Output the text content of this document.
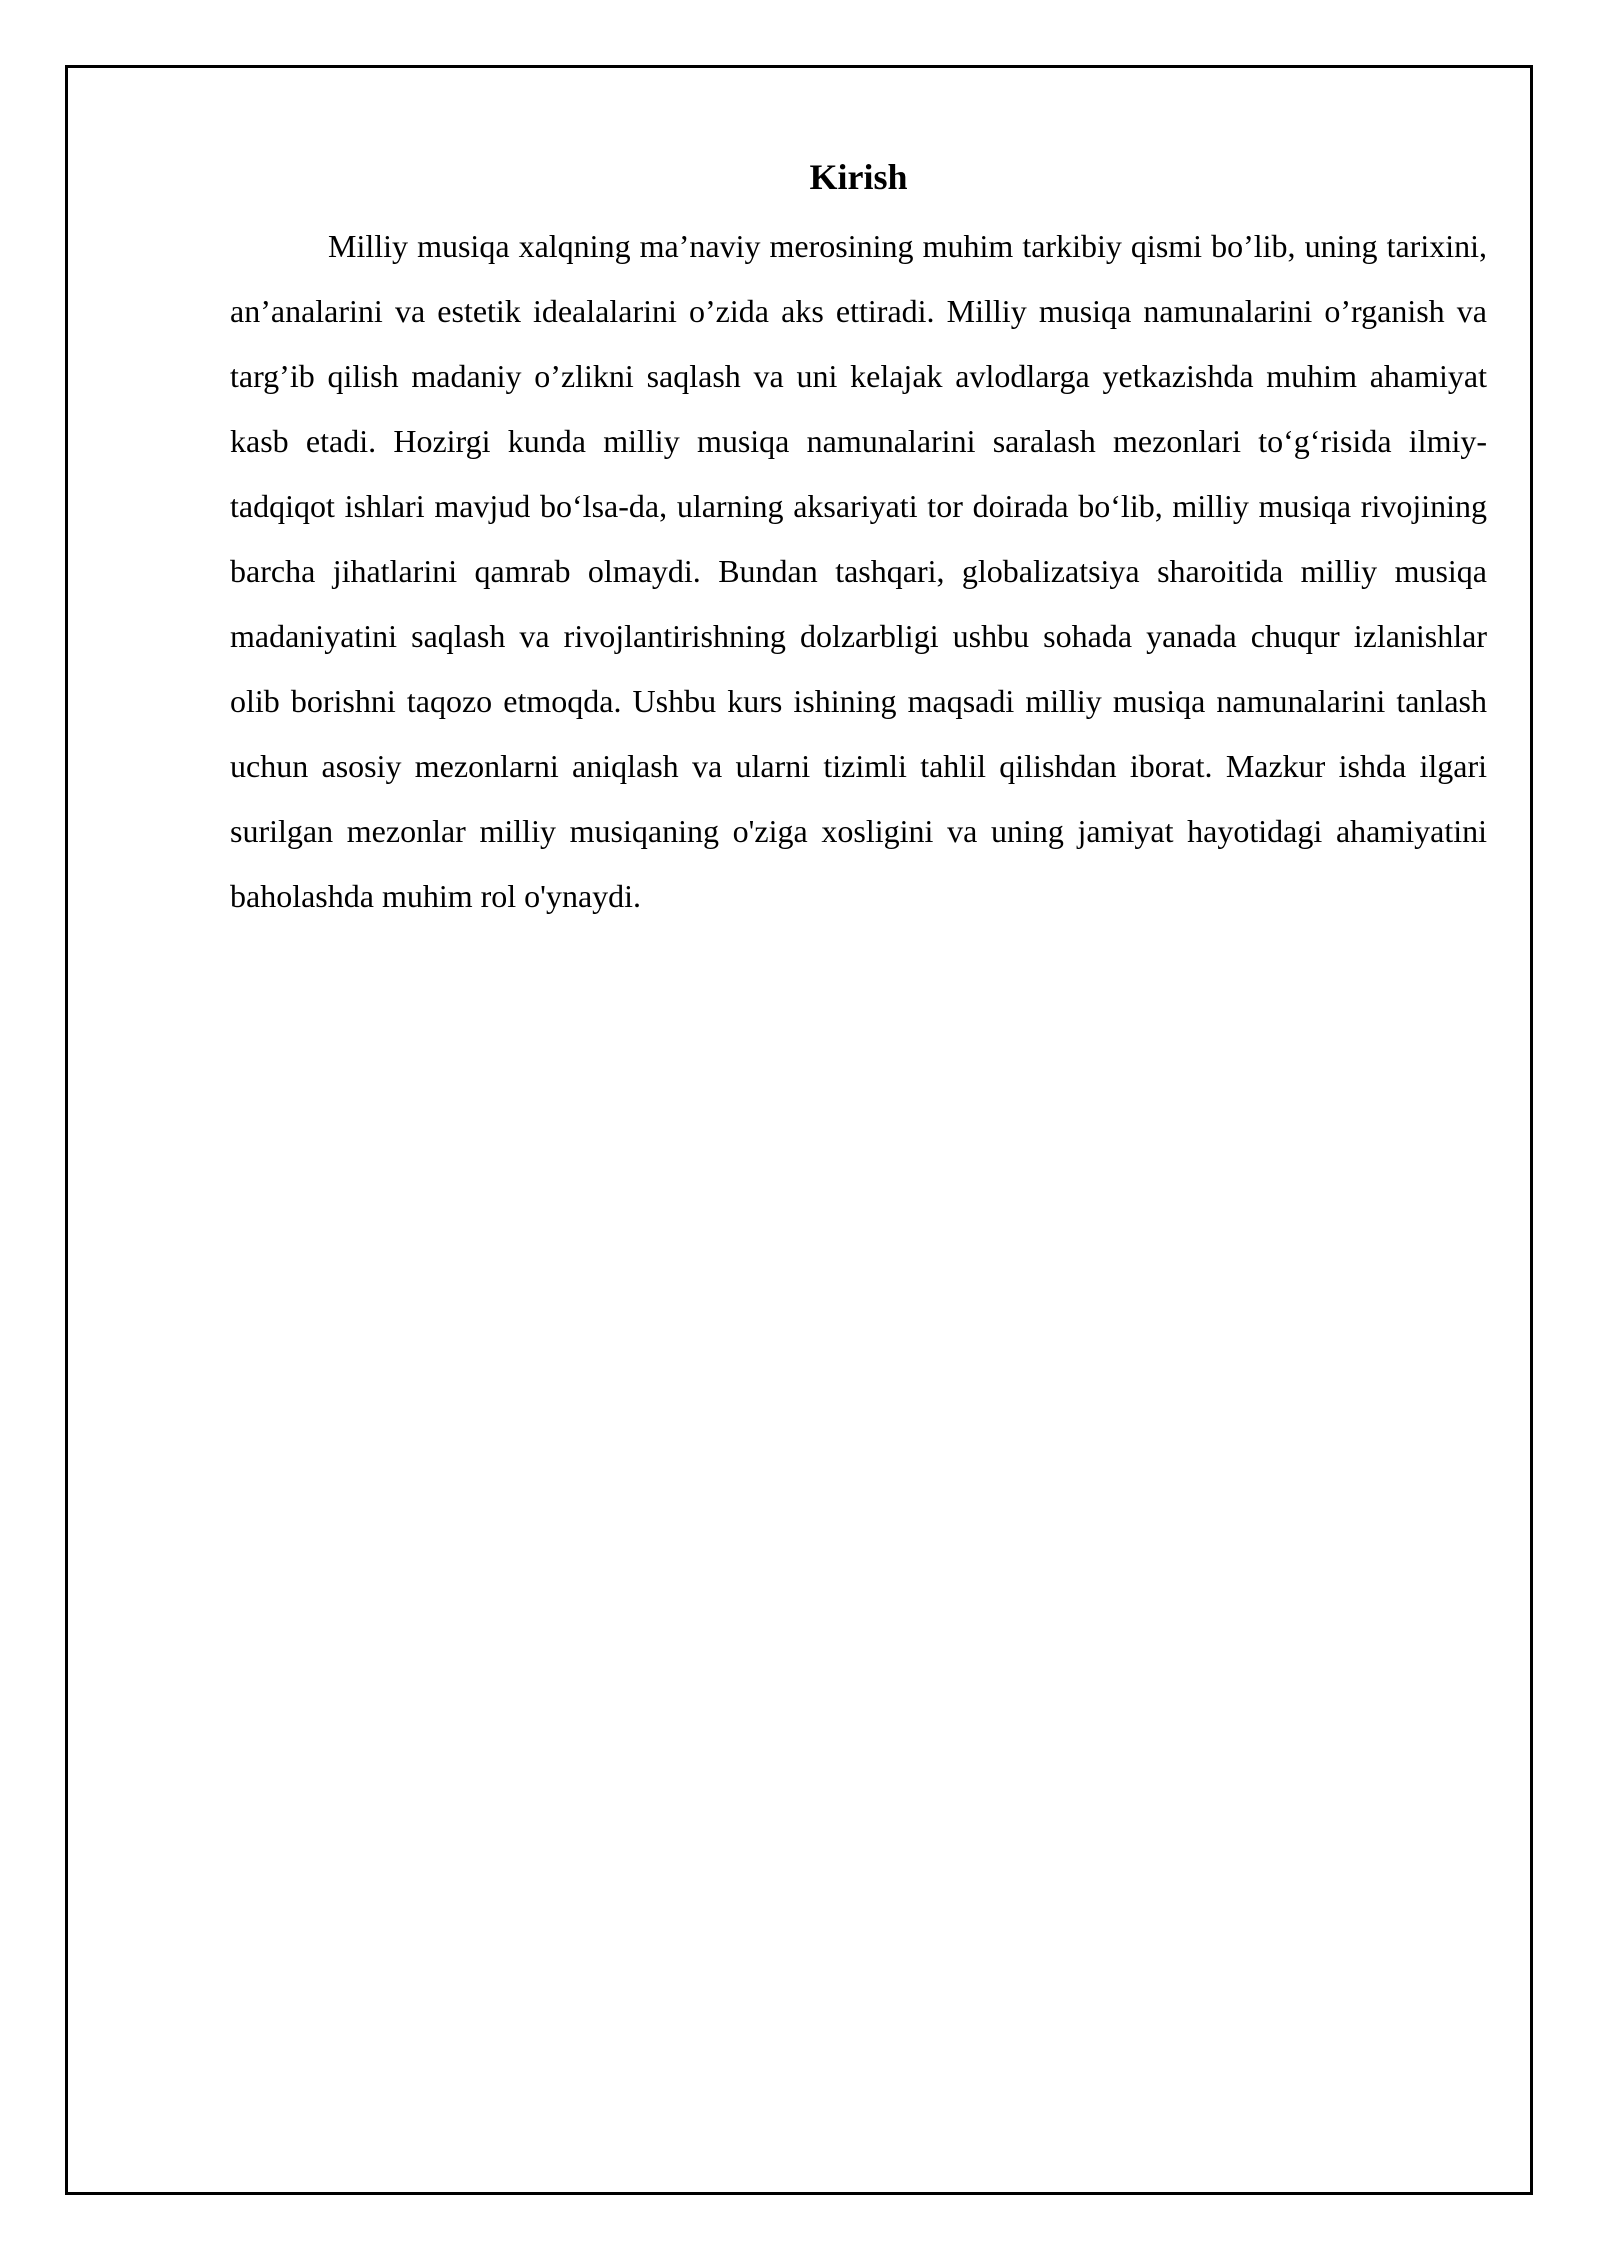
Kirish

Milliy musiqa xalqning ma’naviy merosining muhim tarkibiy qismi bo’lib, uning tarixini, an’analarini va estetik idealalarini o’zida aks ettiradi. Milliy musiqa namunalarini o’rganish va targ’ib qilish madaniy o’zlikni saqlash va uni kelajak avlodlarga yetkazishda muhim ahamiyat kasb etadi. Hozirgi kunda milliy musiqa namunalarini saralash mezonlari to‘g‘risida ilmiy-tadqiqot ishlari mavjud bo‘lsa-da, ularning aksariyati tor doirada bo‘lib, milliy musiqa rivojining barcha jihatlarini qamrab olmaydi. Bundan tashqari, globalizatsiya sharoitida milliy musiqa madaniyatini saqlash va rivojlantirishning dolzarbligi ushbu sohada yanada chuqur izlanishlar olib borishni taqozo etmoqda. Ushbu kurs ishining maqsadi milliy musiqa namunalarini tanlash uchun asosiy mezonlarni aniqlash va ularni tizimli tahlil qilishdan iborat. Mazkur ishda ilgari surilgan mezonlar milliy musiqaning o'ziga xosligini va uning jamiyat hayotidagi ahamiyatini baholashda muhim rol o'ynaydi.
